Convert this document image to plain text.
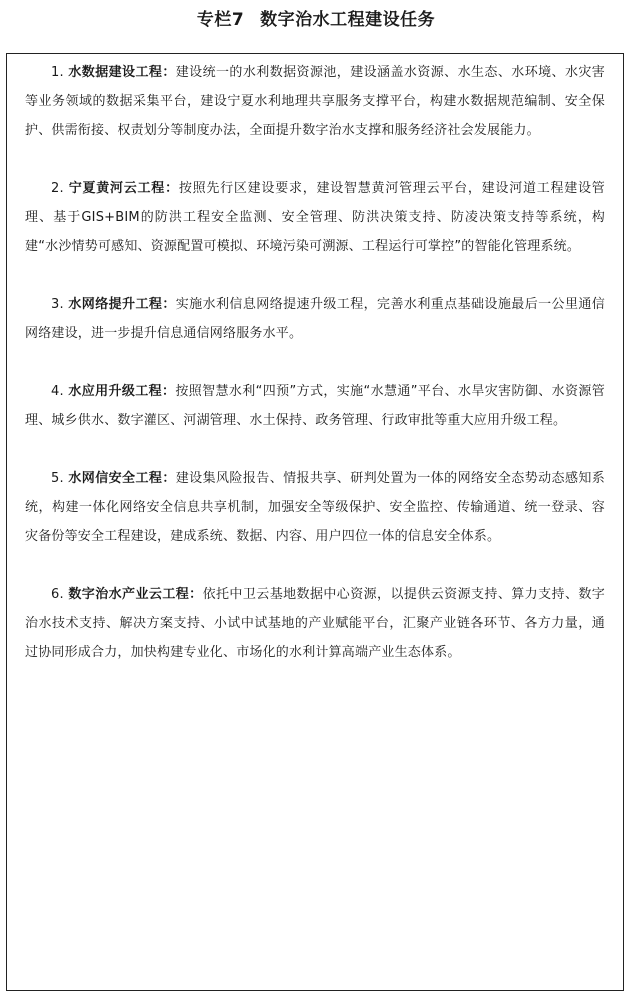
专栏7 数字治水工程建设任务

1. 水数据建设工程：建设统一的水利数据资源池，建设涵盖水资源、水生态、水环境、水灾害等业务领域的数据采集平台，建设宁夏水利地理共享服务支撑平台，构建水数据规范编制、安全保护、供需衔接、权责划分等制度办法，全面提升数字治水支撑和服务经济社会发展能力。

2. 宁夏黄河云工程：按照先行区建设要求，建设智慧黄河管理云平台，建设河道工程建设管理、基于GIS+BIM的防洪工程安全监测、安全管理、防洪决策支持、防凌决策支持等系统，构建“水沙情势可感知、资源配置可模拟、环境污染可溯源、工程运行可掌控”的智能化管理系统。

3. 水网络提升工程：实施水利信息网络提速升级工程，完善水利重点基础设施最后一公里通信网络建设，进一步提升信息通信网络服务水平。

4. 水应用升级工程：按照智慧水利“四预”方式，实施“水慧通”平台、水旱灾害防御、水资源管理、城乡供水、数字灌区、河湖管理、水土保持、政务管理、行政审批等重大应用升级工程。

5. 水网信安全工程：建设集风险报告、情报共享、研判处置为一体的网络安全态势动态感知系统，构建一体化网络安全信息共享机制，加强安全等级保护、安全监控、传输通道、统一登录、容灾备份等安全工程建设，建成系统、数据、内容、用户四位一体的信息安全体系。

6. 数字治水产业云工程：依托中卫云基地数据中心资源，以提供云资源支持、算力支持、数字治水技术支持、解决方案支持、小试中试基地的产业赋能平台，汇聚产业链各环节、各方力量，通过协同形成合力，加快构建专业化、市场化的水利计算高端产业生态体系。
